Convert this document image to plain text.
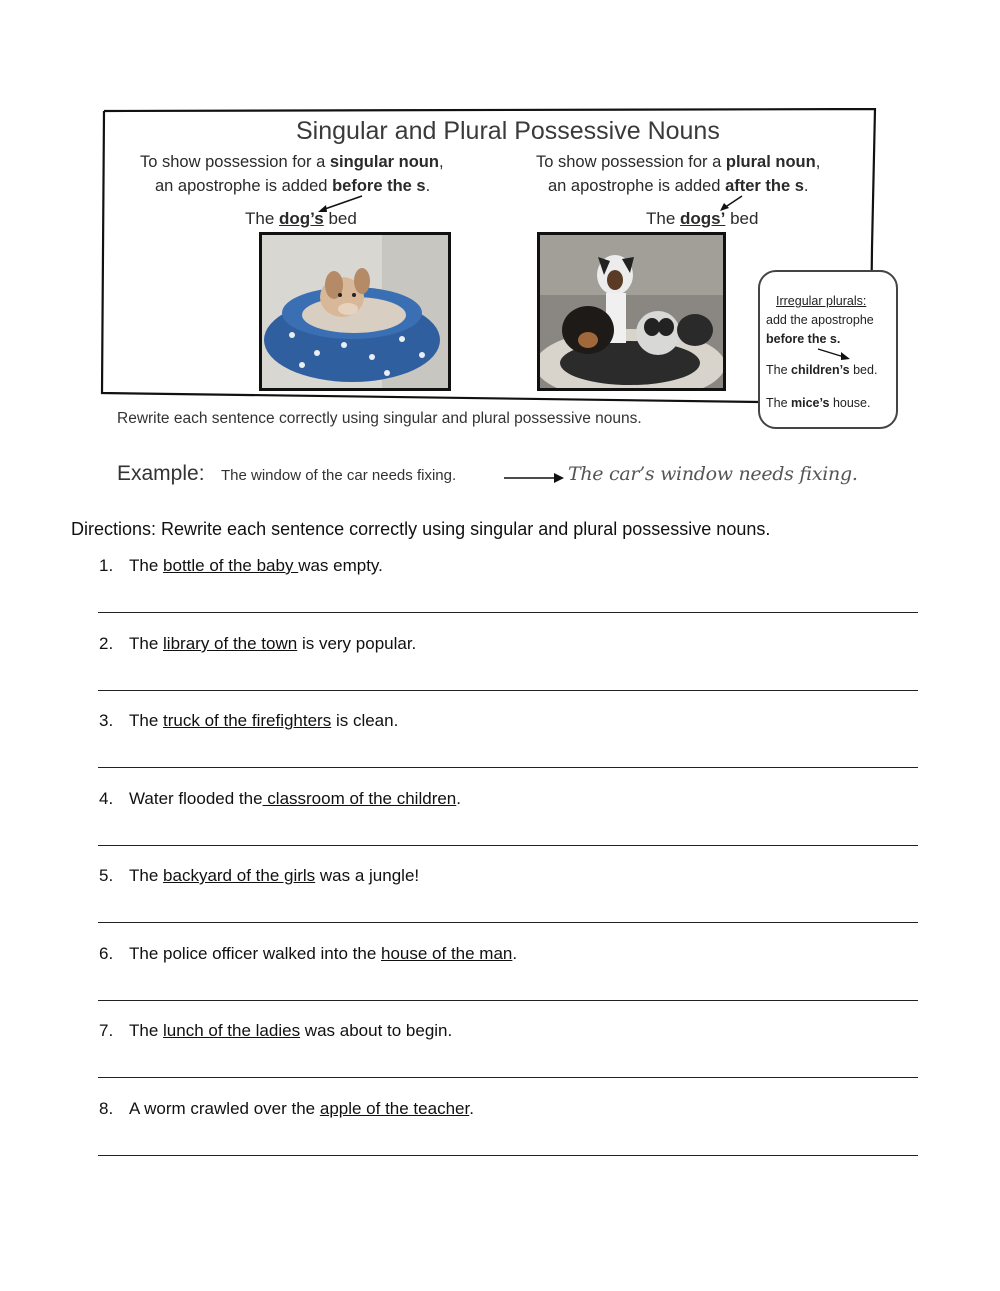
Singular and Plural Possessive Nouns
To show possession for a singular noun,
an apostrophe is added before the s.
To show possession for a plural noun,
an apostrophe is added after the s.
The dog’s bed	The dogs’ bed
Irregular plurals:
add the apostrophe
before the s.
The children’s bed.
The mice’s house.
Rewrite each sentence correctly using singular and plural possessive nouns.
Example: The window of the car needs fixing.	The car’s window needs fixing.
Directions: Rewrite each sentence correctly using singular and plural possessive nouns.
1. The bottle of the baby was empty.
2. The library of the town is very popular.
3. The truck of the firefighters is clean.
4. Water flooded the classroom of the children.
5. The backyard of the girls was a jungle!
6. The police officer walked into the house of the man.
7. The lunch of the ladies was about to begin.
8. A worm crawled over the apple of the teacher.
